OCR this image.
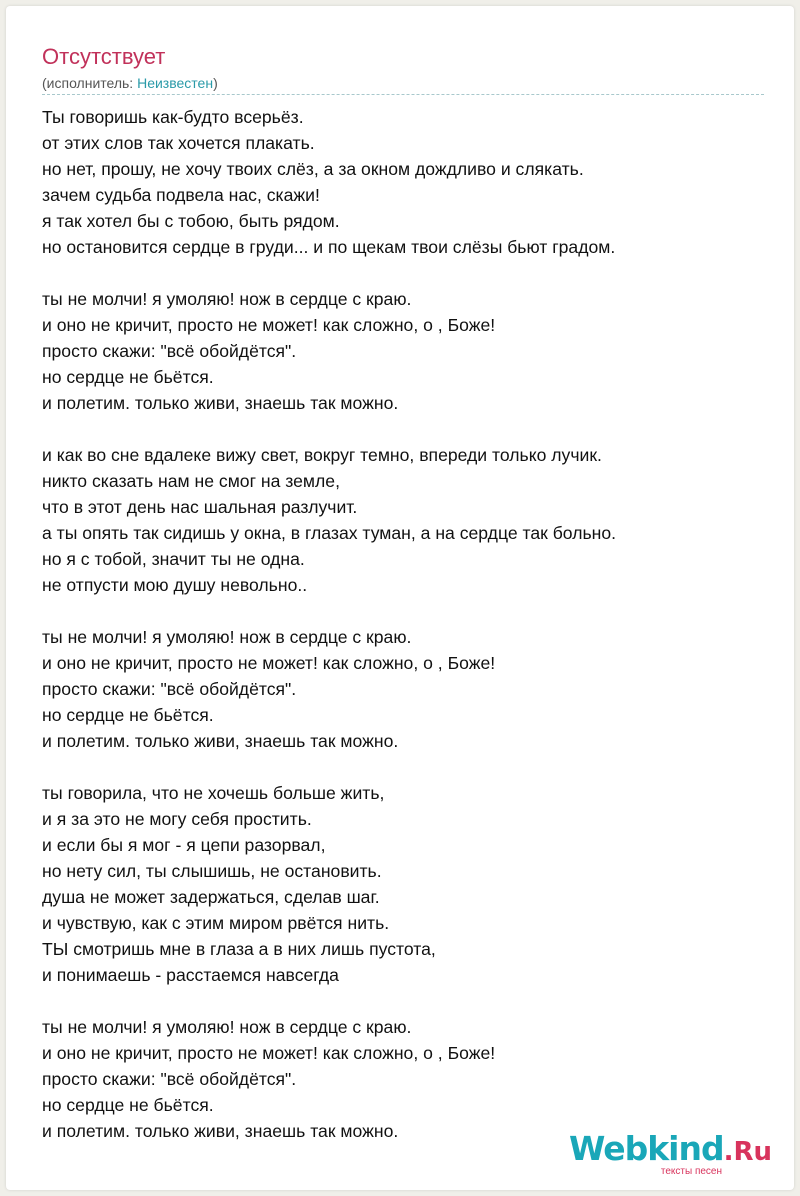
Отсутствует
(исполнитель: Неизвестен)
Ты говоришь как-будто всерьёз.
от этих слов так хочется плакать.
но нет, прошу, не хочу твоих слёз, а за окном дождливо и слякать.
зачем судьба подвела нас, скажи!
я так хотел бы с тобою, быть рядом.
но остановится сердце в груди... и по щекам твои слёзы бьют градом.
ты не молчи! я умоляю! нож в сердце с краю.
и оно не кричит, просто не может! как сложно, о , Боже!
просто скажи: "всё обойдётся".
но сердце не бьётся.
и полетим. только живи, знаешь так можно.
и как во сне вдалеке вижу свет, вокруг темно, впереди только лучик.
никто сказать нам не смог на земле,
что в этот день нас шальная разлучит.
а ты опять так сидишь у окна, в глазах туман, а на сердце так больно.
но я с тобой, значит ты не одна.
не отпусти мою душу невольно..
ты не молчи! я умоляю! нож в сердце с краю.
и оно не кричит, просто не может! как сложно, о , Боже!
просто скажи: "всё обойдётся".
но сердце не бьётся.
и полетим. только живи, знаешь так можно.
ты говорила, что не хочешь больше жить,
и я за это не могу себя простить.
и если бы я мог - я цепи разорвал,
но нету сил, ты слышишь, не остановить.
душа не может задержаться, сделав шаг.
и чувствую, как с этим миром рвётся нить.
ТЫ смотришь мне в глаза а в них лишь пустота,
и понимаешь - расстаемся навсегда
ты не молчи! я умоляю! нож в сердце с краю.
и оно не кричит, просто не может! как сложно, о , Боже!
просто скажи: "всё обойдётся".
но сердце не бьётся.
и полетим. только живи, знаешь так можно.	Webkind.Ru
тексты песен
